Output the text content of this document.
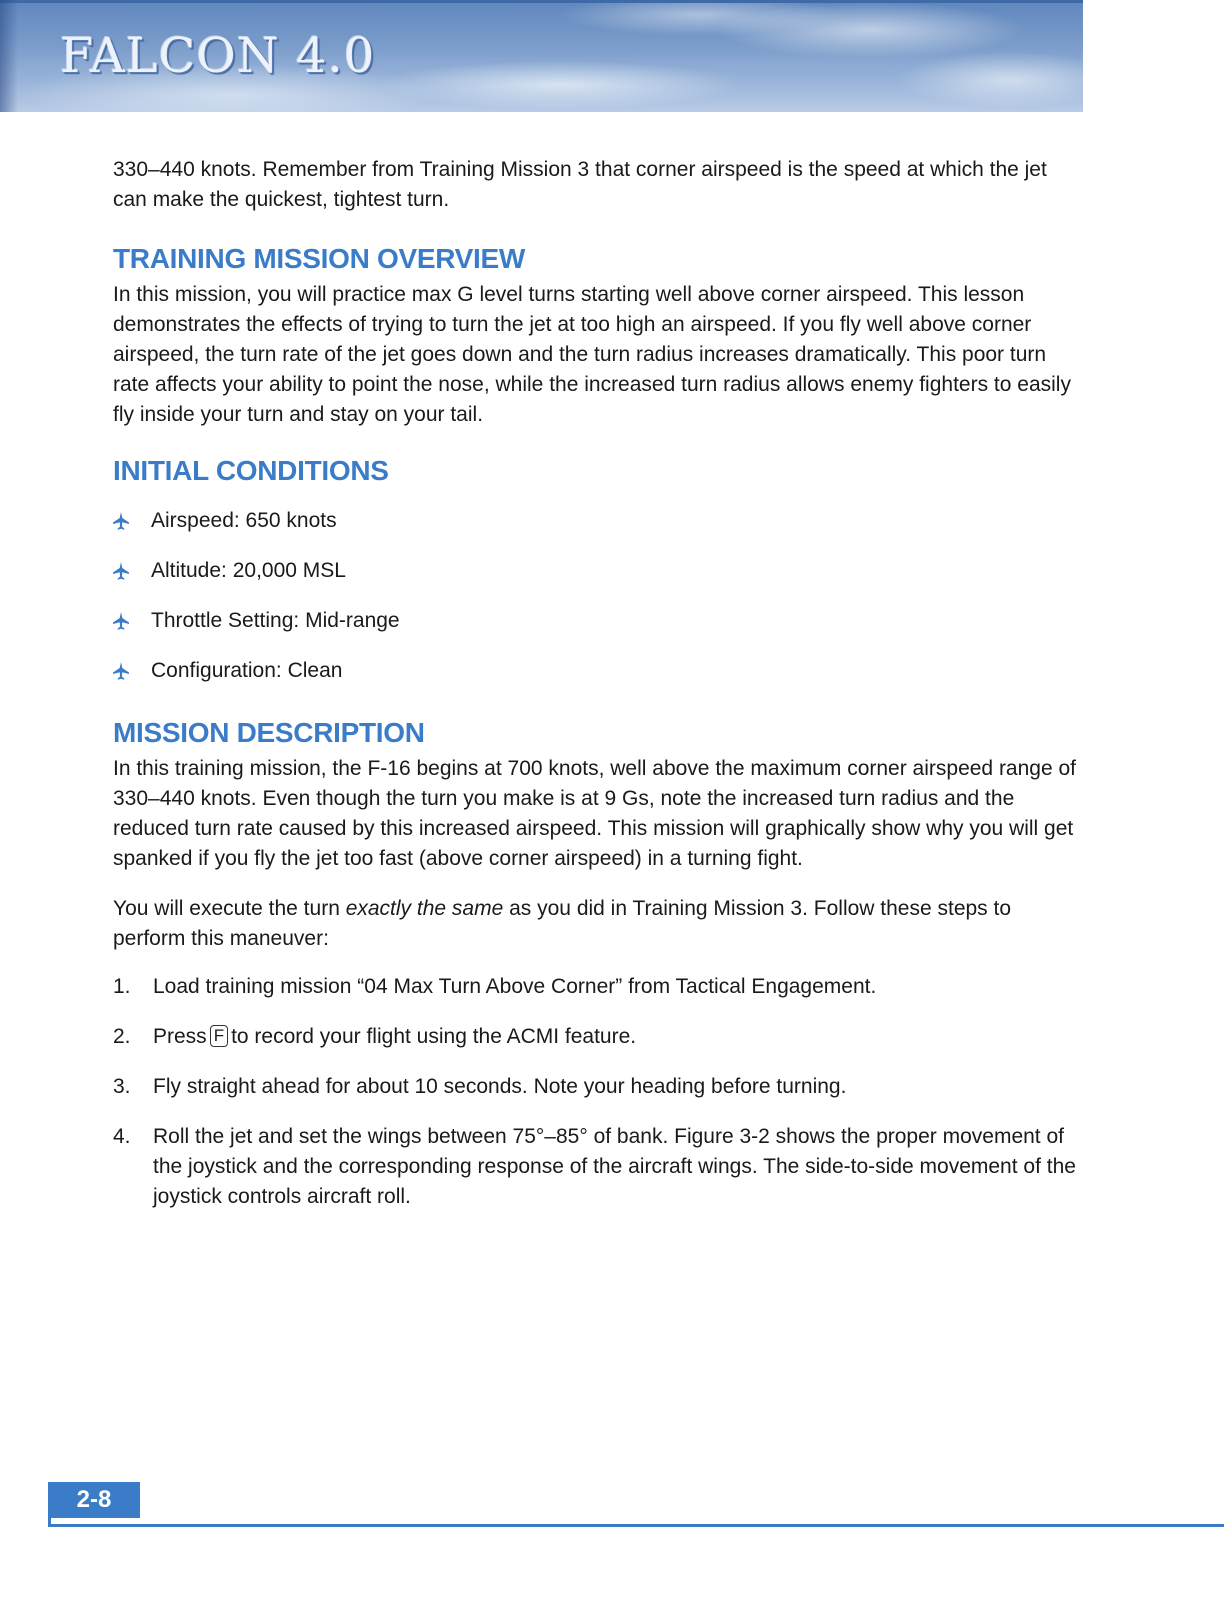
FALCON 4.0

330–440 knots. Remember from Training Mission 3 that corner airspeed is the speed at which the jet can make the quickest, tightest turn.

TRAINING MISSION OVERVIEW

In this mission, you will practice max G level turns starting well above corner airspeed. This lesson demonstrates the effects of trying to turn the jet at too high an airspeed. If you fly well above corner airspeed, the turn rate of the jet goes down and the turn radius increases dramatically. This poor turn rate affects your ability to point the nose, while the increased turn radius allows enemy fighters to easily fly inside your turn and stay on your tail.

INITIAL CONDITIONS
Airspeed: 650 knots
Altitude: 20,000 MSL
Throttle Setting: Mid-range
Configuration: Clean
MISSION DESCRIPTION

In this training mission, the F-16 begins at 700 knots, well above the maximum corner airspeed range of 330–440 knots. Even though the turn you make is at 9 Gs, note the increased turn radius and the reduced turn rate caused by this increased airspeed. This mission will graphically show why you will get spanked if you fly the jet too fast (above corner airspeed) in a turning fight.

You will execute the turn exactly the same as you did in Training Mission 3. Follow these steps to perform this maneuver:

1.	Load training mission “04 Max Turn Above Corner” from Tactical Engagement.
2.	Press F to record your flight using the ACMI feature.
3.	Fly straight ahead for about 10 seconds. Note your heading before turning.
4.	Roll the jet and set the wings between 75°–85° of bank. Figure 3-2 shows the proper movement of the joystick and the corresponding response of the aircraft wings. The side-to-side movement of the joystick controls aircraft roll.
2-8
